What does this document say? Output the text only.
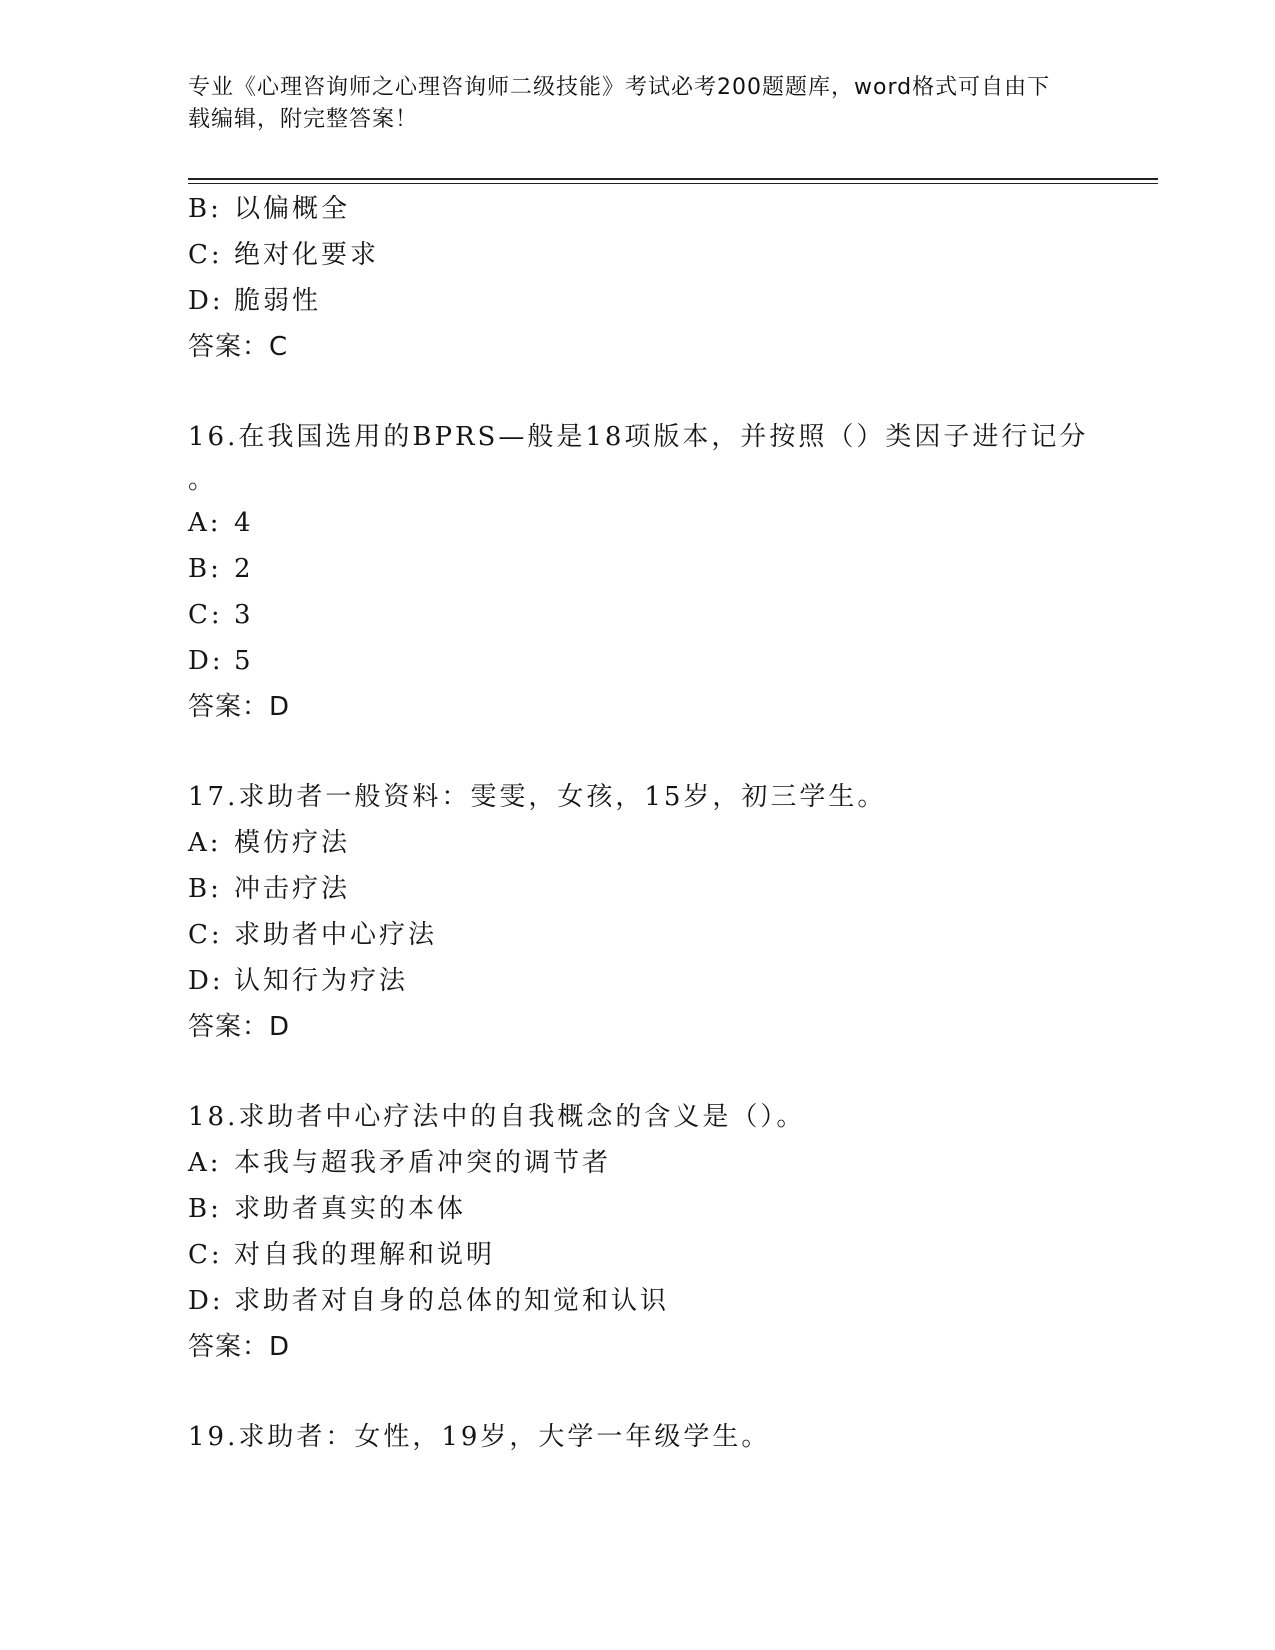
专业《心理咨询师之心理咨询师二级技能》考试必考200题题库，word格式可自由下载编辑，附完整答案！
B: 以偏概全
C: 绝对化要求
D: 脆弱性
答案：C
16.在我国选用的BPRS—般是18项版本，并按照（）类因子进行记分
。
A: 4
B: 2
C: 3
D: 5
答案：D
17.求助者一般资料：雯雯，女孩，15岁，初三学生。
A: 模仿疗法
B: 冲击疗法
C: 求助者中心疗法
D: 认知行为疗法
答案：D
18.求助者中心疗法中的自我概念的含义是（）。
A: 本我与超我矛盾冲突的调节者
B: 求助者真实的本体
C: 对自我的理解和说明
D: 求助者对自身的总体的知觉和认识
答案：D
19.求助者：女性，19岁，大学一年级学生。
